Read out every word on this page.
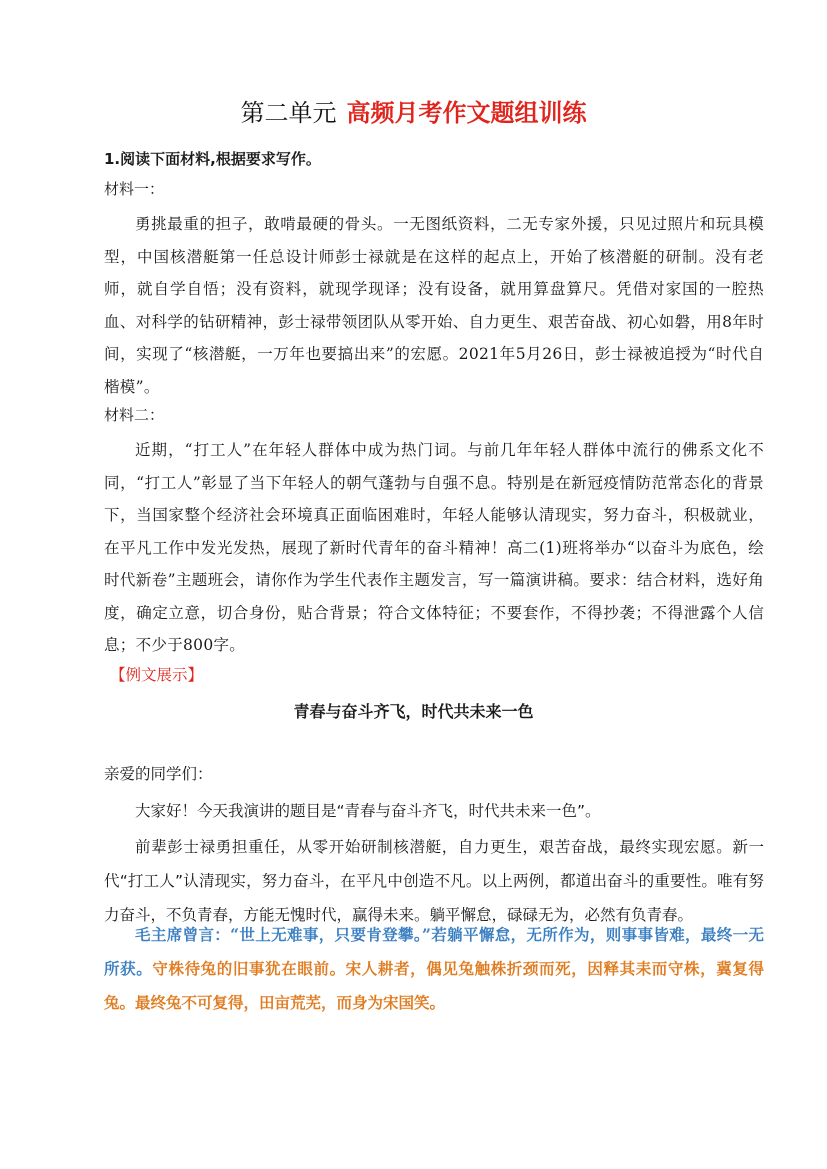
第二单元 高频月考作文题组训练
1.阅读下面材料,根据要求写作。
材料一：
勇挑最重的担子，敢啃最硬的骨头。一无图纸资料，二无专家外援，只见过照片和玩具模型，中国核潜艇第一任总设计师彭士禄就是在这样的起点上，开始了核潜艇的研制。没有老师，就自学自悟；没有资料，就现学现译；没有设备，就用算盘算尺。凭借对家国的一腔热血、对科学的钻研精神，彭士禄带领团队从零开始、自力更生、艰苦奋战、初心如磐，用8年时间，实现了“核潜艇，一万年也要搞出来”的宏愿。2021年5月26日，彭士禄被追授为“时代自楷模”。
材料二：
近期，“打工人”在年轻人群体中成为热门词。与前几年年轻人群体中流行的佛系文化不同，“打工人”彰显了当下年轻人的朝气蓬勃与自强不息。特别是在新冠疫情防范常态化的背景下，当国家整个经济社会环境真正面临困难时，年轻人能够认清现实，努力奋斗，积极就业，在平凡工作中发光发热，展现了新时代青年的奋斗精神！高二(1)班将举办“以奋斗为底色，绘时代新卷”主题班会，请你作为学生代表作主题发言，写一篇演讲稿。要求：结合材料，选好角度，确定立意，切合身份，贴合背景；符合文体特征；不要套作，不得抄袭；不得泄露个人信息；不少于800字。
【例文展示】
青春与奋斗齐飞，时代共未来一色
亲爱的同学们：
大家好！今天我演讲的题目是“青春与奋斗齐飞，时代共未来一色”。
前辈彭士禄勇担重任，从零开始研制核潜艇，自力更生，艰苦奋战，最终实现宏愿。新一代“打工人”认清现实，努力奋斗，在平凡中创造不凡。以上两例，都道出奋斗的重要性。唯有努力奋斗，不负青春，方能无愧时代，赢得未来。躺平懈怠，碌碌无为，必然有负青春。
毛主席曾言：“世上无难事，只要肯登攀。”若躺平懈怠，无所作为，则事事皆难，最终一无所获。守株待兔的旧事犹在眼前。宋人耕者，偶见兔触株折颈而死，因释其耒而守株，冀复得兔。最终兔不可复得，田亩荒芜，而身为宋国笑。
